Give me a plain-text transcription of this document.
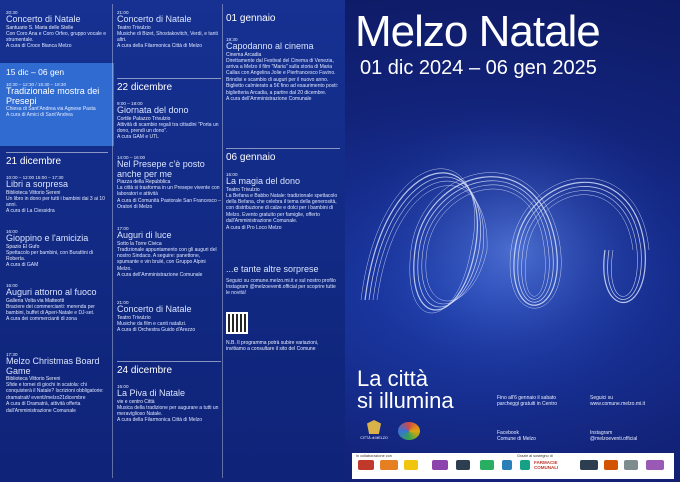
20:30
Concerto di Natale
Santuario S. Maria delle Stelle
Con Coro Ana e Coro Orfeo, gruppo vocale e strumentale.
A cura di Croce Bianca Melzo
15 dic – 06 gen
10:30 – 12:30 / 15:30 – 18:30
Tradizionale mostra dei Presepi
Chiesa di Sant'Andrea via Agnese Pasta
A cura di Amici di Sant'Andrea
21 dicembre
10:00 – 12:00 15:00 – 17:30
Libri a sorpresa
Biblioteca Vittorio Sereni
Un libro in dono per tutti i bambini dai 3 ai 10 anni.
A cura di La Clessidra
16:00
Gioppino e l'amicizia
Spazio El Gufo
Spettacolo per bambini, con Burattini di Roberta.
A cura di GAM
16:00
Auguri attorno al fuoco
Galleria Volta via Matteotti
Braciere dei commercianti: merenda per bambini, buffet di Aperi-Natale e DJ-set.
A cura dei commercianti di zona
17:30
Melzo Christmas Board Game
Biblioteca Vittorio Sereni
Sfide e tornei di giochi in scatola: chi conquisterà il Natale? Iscrizioni obbligatorie: dramatrait/ eventi/melzo21dicembre
A cura di Dramatrà, attività offerta dall'Amministrazione Comunale
21:00
Concerto di Natale
Teatro Trivulzio
Musiche di Bizet, Shostakovitch, Verdi, e tanti altri.
A cura della Filarmonica Città di Melzo
22 dicembre
9:00 – 18:00
Giornata del dono
Cortile Palazzo Trivulzio
Attività di scambio regali tra cittadini "Porta un dono, prendi un dono".
A cura GAM e UTL
14:00 – 16:00
Nel Presepe c'è posto anche per me
Piazza della Repubblica
La città si trasforma in un Presepe vivente con laboratori e attività
A cura di Comunità Pastorale San Francesco – Oratori di Melzo
17:00
Auguri di luce
Sotto la Torre Civica
Tradizionale appuntamento con gli auguri del nostro Sindaco. A seguire: panettone, spumante e vin brulé, con Gruppo Alpini Melzo.
A cura dell'Amministrazione Comunale
21:00
Concerto di Natale
Teatro Trivulzio
Musiche da film e canti natalizi.
A cura di Orchestra Guido d'Arezzo
24 dicembre
15:00
La Piva di Natale
vie e centro Città
Musica della tradizione per augurare a tutti un meraviglioso Natale.
A cura della Filarmonica Città di Melzo
01 gennaio
19:30
Capodanno al cinema
Cinema Arcadia
Direttamente dal Festival del Cinema di Venezia, arriva a Melzo il film "Maria" sulla storia di Maria Callas con Angelina Jolie e Pierfrancesco Favino. Brindisi e scambio di auguri per il nuovo anno. Biglietto calmierato a 5€ fino ad esaurimento posti: biglietteria Arcadia, a partire dal 20 dicembre.
A cura dell'Amministrazione Comunale
06 gennaio
16:00
La magia del dono
Teatro Trivulzio
La Befana e Babbo Natale: tradizionale spettacolo della Befana, che celebra il tema della generosità, con distribuzione di calze e dolci per i bambini di Melzo. Evento gratuito per famiglie, offerto dall'Amministrazione Comunale.
A cura di Pro Loco Melzo
...e tante altre sorprese
Seguici su comune.melzo.mi.it e sul nostro profilo Instagram @melzoeventi.official per scoprire tutte le novità!
N.B. Il programma potrà subire variazioni, invitiamo a consultare il sito del Comune
Melzo Natale
01 dic 2024 – 06 gen 2025
La città
si illumina	Fino all'6 gennaio il sabato parcheggi gratuiti in Centro
Seguici su
www.comune.melzo.mi.it
Facebook
Comune di Melzo
Instagram
@melzoeventi.official
CITTÀ di MELZO
In collaborazione con	Grazie al sostegno di
FARMACIE COMUNALI
